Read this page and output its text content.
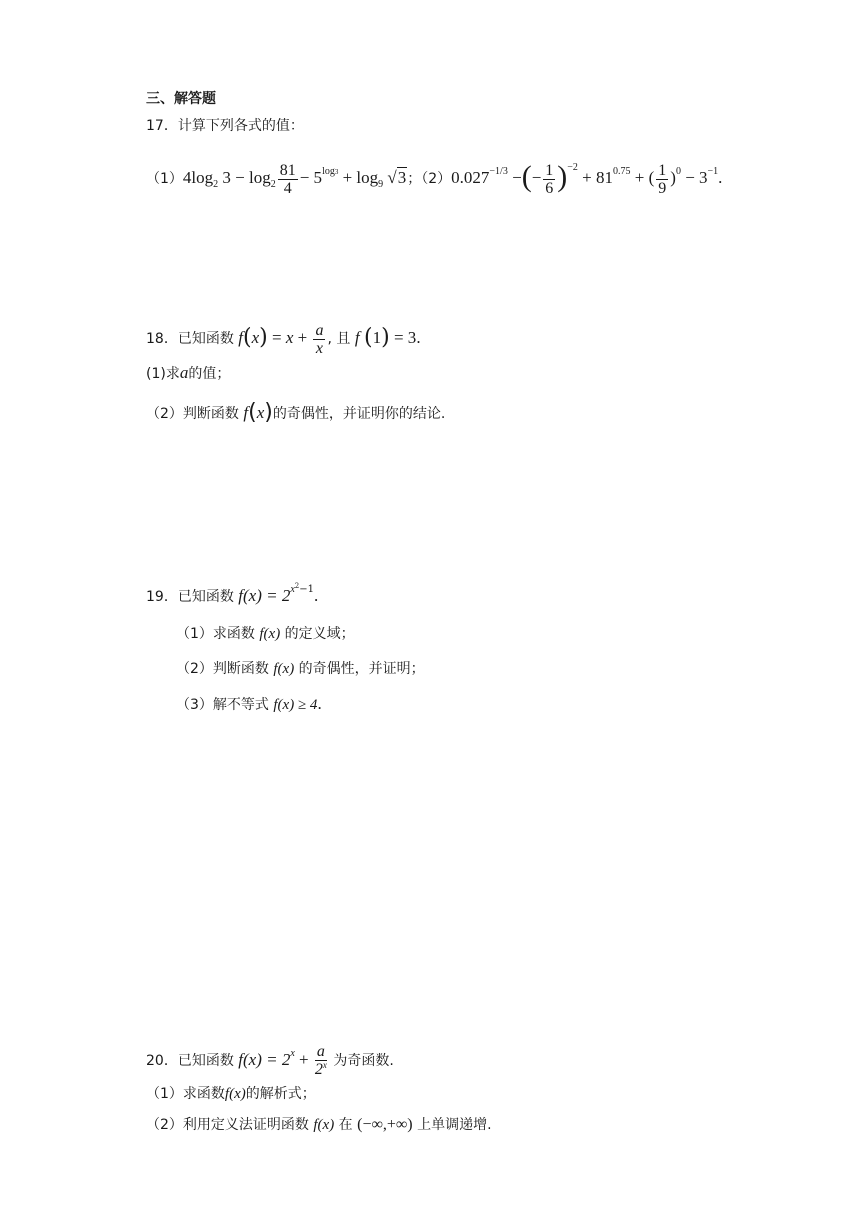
三、解答题
17．计算下列各式的值：
$(1)4\log_2$ $3 - \log_2 \frac{81}{4} - 5^{log3} + \log_9 √3$；$(2)0.027^{-1/3}$ −(− $\frac{1}{6} )^{-2} + 81^{0.75}$ + ( $\frac{1}{9} )^0 - 3^{-1}$.
18．已知函数 $f(x) = x + \frac{a}{x}$ , 且 f (1) = 3.
(1)求a的值；
（2）判断函数 f(x)的奇偶性，并证明你的结论.
19．已知函数 $f(x) = 2^{x^2-1}$.
（1）求函数 f(x) 的定义域；
（2）判断函数 f(x) 的奇偶性，并证明；
（3）解不等式 f(x) ≥ 4.
20．已知函数 $f(x) = 2^x + \frac{a}{2^x}$ 为奇函数.
（1）求函数f(x)的解析式；
（2）利用定义法证明函数 f(x) 在 (−∞,+∞) 上单调递增.
